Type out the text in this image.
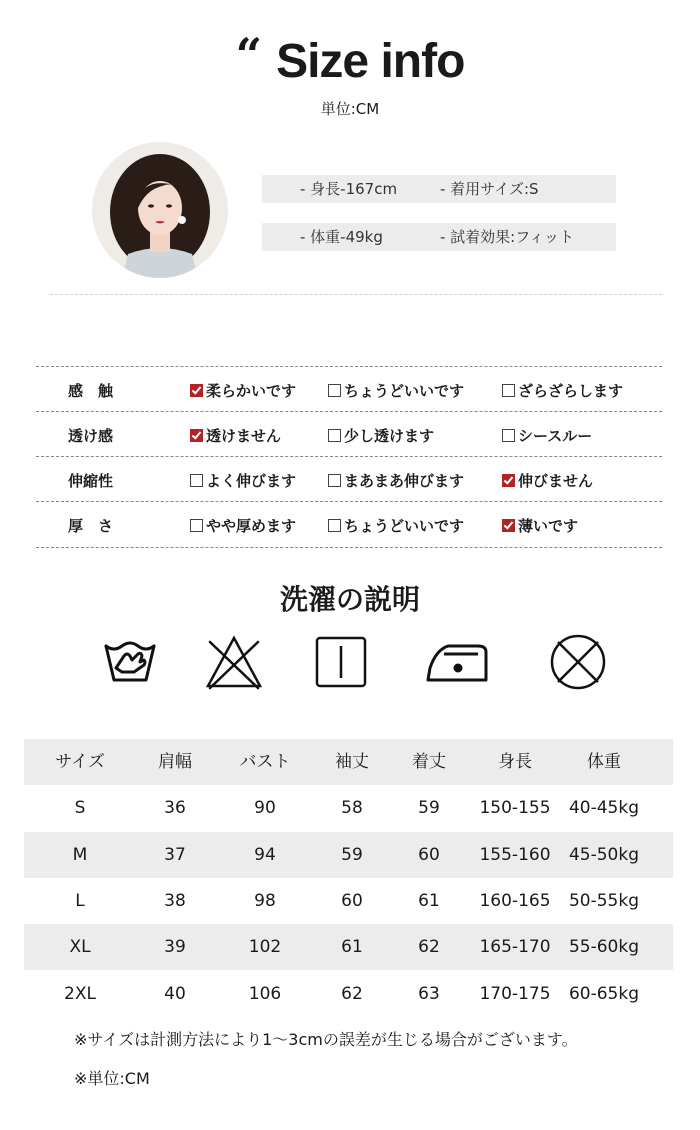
“ Size info
単位:CM
- 身長-167cm	- 着用サイズ:S
- 体重-49kg	- 試着効果:フィット
感　触	柔らかいです	ちょうどいいです	ざらざらします
透け感	透けません	少し透けます	シースルー
伸縮性	よく伸びます	まあまあ伸びます	伸びません
厚　さ	やや厚めます	ちょうどいいです	薄いです
洗濯の説明
サイズ	肩幅	バスト	袖丈	着丈	身長	体重
S	36	90	58	59 150-155 40-45kg
M	37	94	59	60 155-160 45-50kg
L	38	98	60	61 160-165 50-55kg
XL	39	102	61	62 165-170 55-60kg
2XL	40	106	62	63 170-175 60-65kg
※サイズは計測方法により1～3cmの誤差が生じる場合がございます。
※単位:CM
